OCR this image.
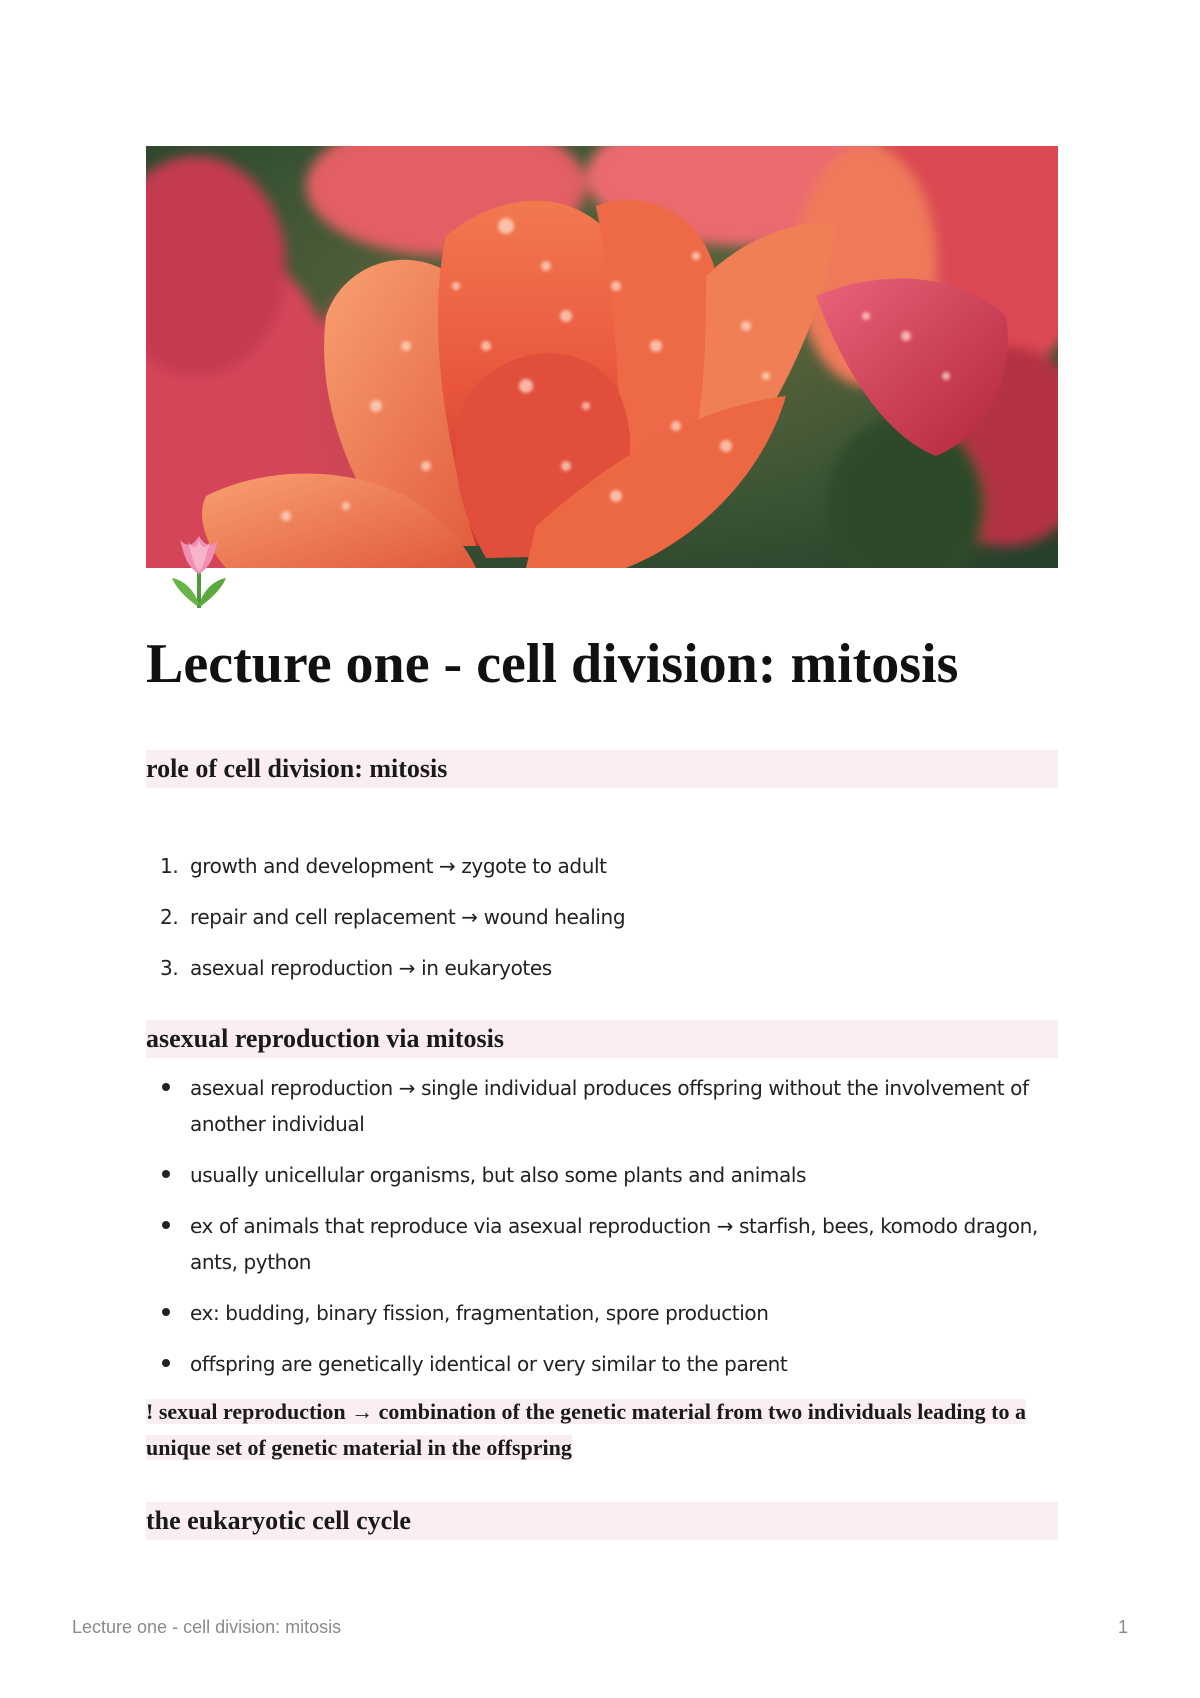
Lecture one - cell division: mitosis
role of cell division: mitosis
1. growth and development → zygote to adult
2. repair and cell replacement → wound healing
3. asexual reproduction → in eukaryotes
asexual reproduction via mitosis
asexual reproduction → single individual produces offspring without the involvement of another individual
usually unicellular organisms, but also some plants and animals
ex of animals that reproduce via asexual reproduction → starfish, bees, komodo dragon, ants, python
ex: budding, binary fission, fragmentation, spore production
offspring are genetically identical or very similar to the parent
! sexual reproduction → combination of the genetic material from two individuals leading to a unique set of genetic material in the offspring
the eukaryotic cell cycle
Lecture one - cell division: mitosis	1
